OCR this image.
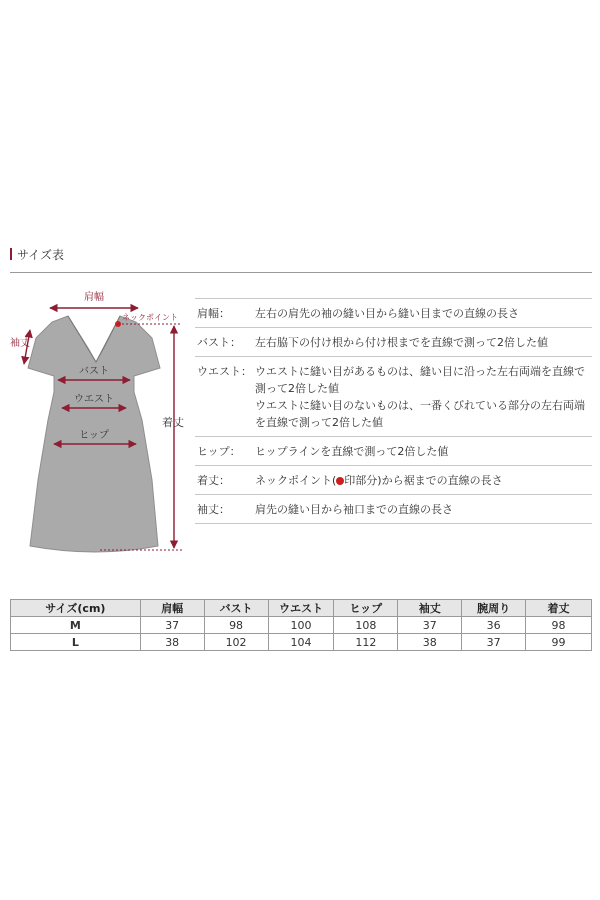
サイズ表
肩幅
ネックポイント
袖丈
バスト
ウエスト
ヒップ
着丈
肩幅：	左右の肩先の袖の縫い目から縫い目までの直線の長さ
バスト：	左右脇下の付け根から付け根までを直線で測って2倍した値
ウエスト： ウエストに縫い目があるものは、縫い目に沿った左右両端を直線で
測って2倍した値
ウエストに縫い目のないものは、一番くびれている部分の左右両端
を直線で測って2倍した値
ヒップ：	ヒップラインを直線で測って2倍した値
着丈：	ネックポイント( 印部分)から裾までの直線の長さ
袖丈：	肩先の縫い目から袖口までの直線の長さ
サイズ(cm)	肩幅	バスト	ウエスト	ヒップ	袖丈	腕周り	着丈
M	37	98	100	108	37	36	98
L	38	102	104	112	38	37	99
